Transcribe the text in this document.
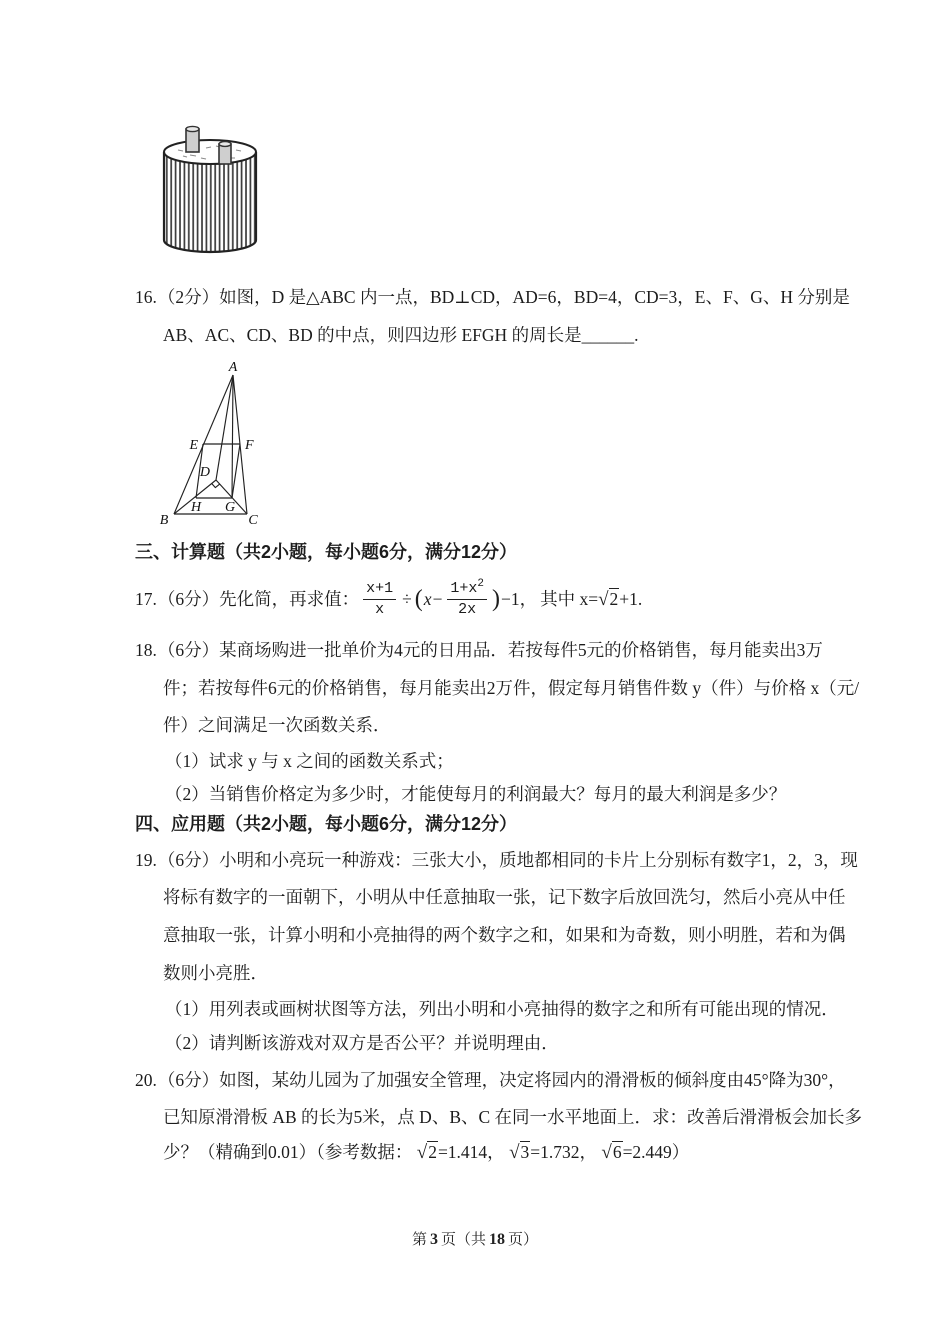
16.（2分）如图，D 是△ABC 内一点，BD⊥CD，AD=6，BD=4，CD=3，E、F、G、H 分别是
AB、AC、CD、BD 的中点，则四边形 EFGH 的周长是______.
A
B	C
D
E	F
G
H
三、计算题（共2小题，每小题6分，满分12分）
17. （6分） 先化简，再求值： $\frac{x+1}{x}$ ÷ ( $x- \frac{1+x^2}{2x}$ ) −1， 其中 x= √2 +1.
18.（6分）某商场购进一批单价为4元的日用品．若按每件5元的价格销售，每月能卖出3万
件；若按每件6元的价格销售，每月能卖出2万件，假定每月销售件数 y（件）与价格 x（元/
件）之间满足一次函数关系．
（1）试求 y 与 x 之间的函数关系式；
（2）当销售价格定为多少时，才能使每月的利润最大？每月的最大利润是多少？
四、应用题（共2小题，每小题6分，满分12分）
19.（6分）小明和小亮玩一种游戏：三张大小，质地都相同的卡片上分别标有数字1，2，3，现
将标有数字的一面朝下，小明从中任意抽取一张，记下数字后放回洗匀，然后小亮从中任
意抽取一张，计算小明和小亮抽得的两个数字之和，如果和为奇数，则小明胜，若和为偶
数则小亮胜．
（1）用列表或画树状图等方法，列出小明和小亮抽得的数字之和所有可能出现的情况．
（2）请判断该游戏对双方是否公平？并说明理由．
20.（6分）如图，某幼儿园为了加强安全管理，决定将园内的滑滑板的倾斜度由45°降为30°，
已知原滑滑板 AB 的长为5米，点 D、B、C 在同一水平地面上．求：改善后滑滑板会加长多
少？（精确到0.01）（参考数据： √2=1.414， √3=1.732， √6=2.449）
第 3 页（共 18 页）
